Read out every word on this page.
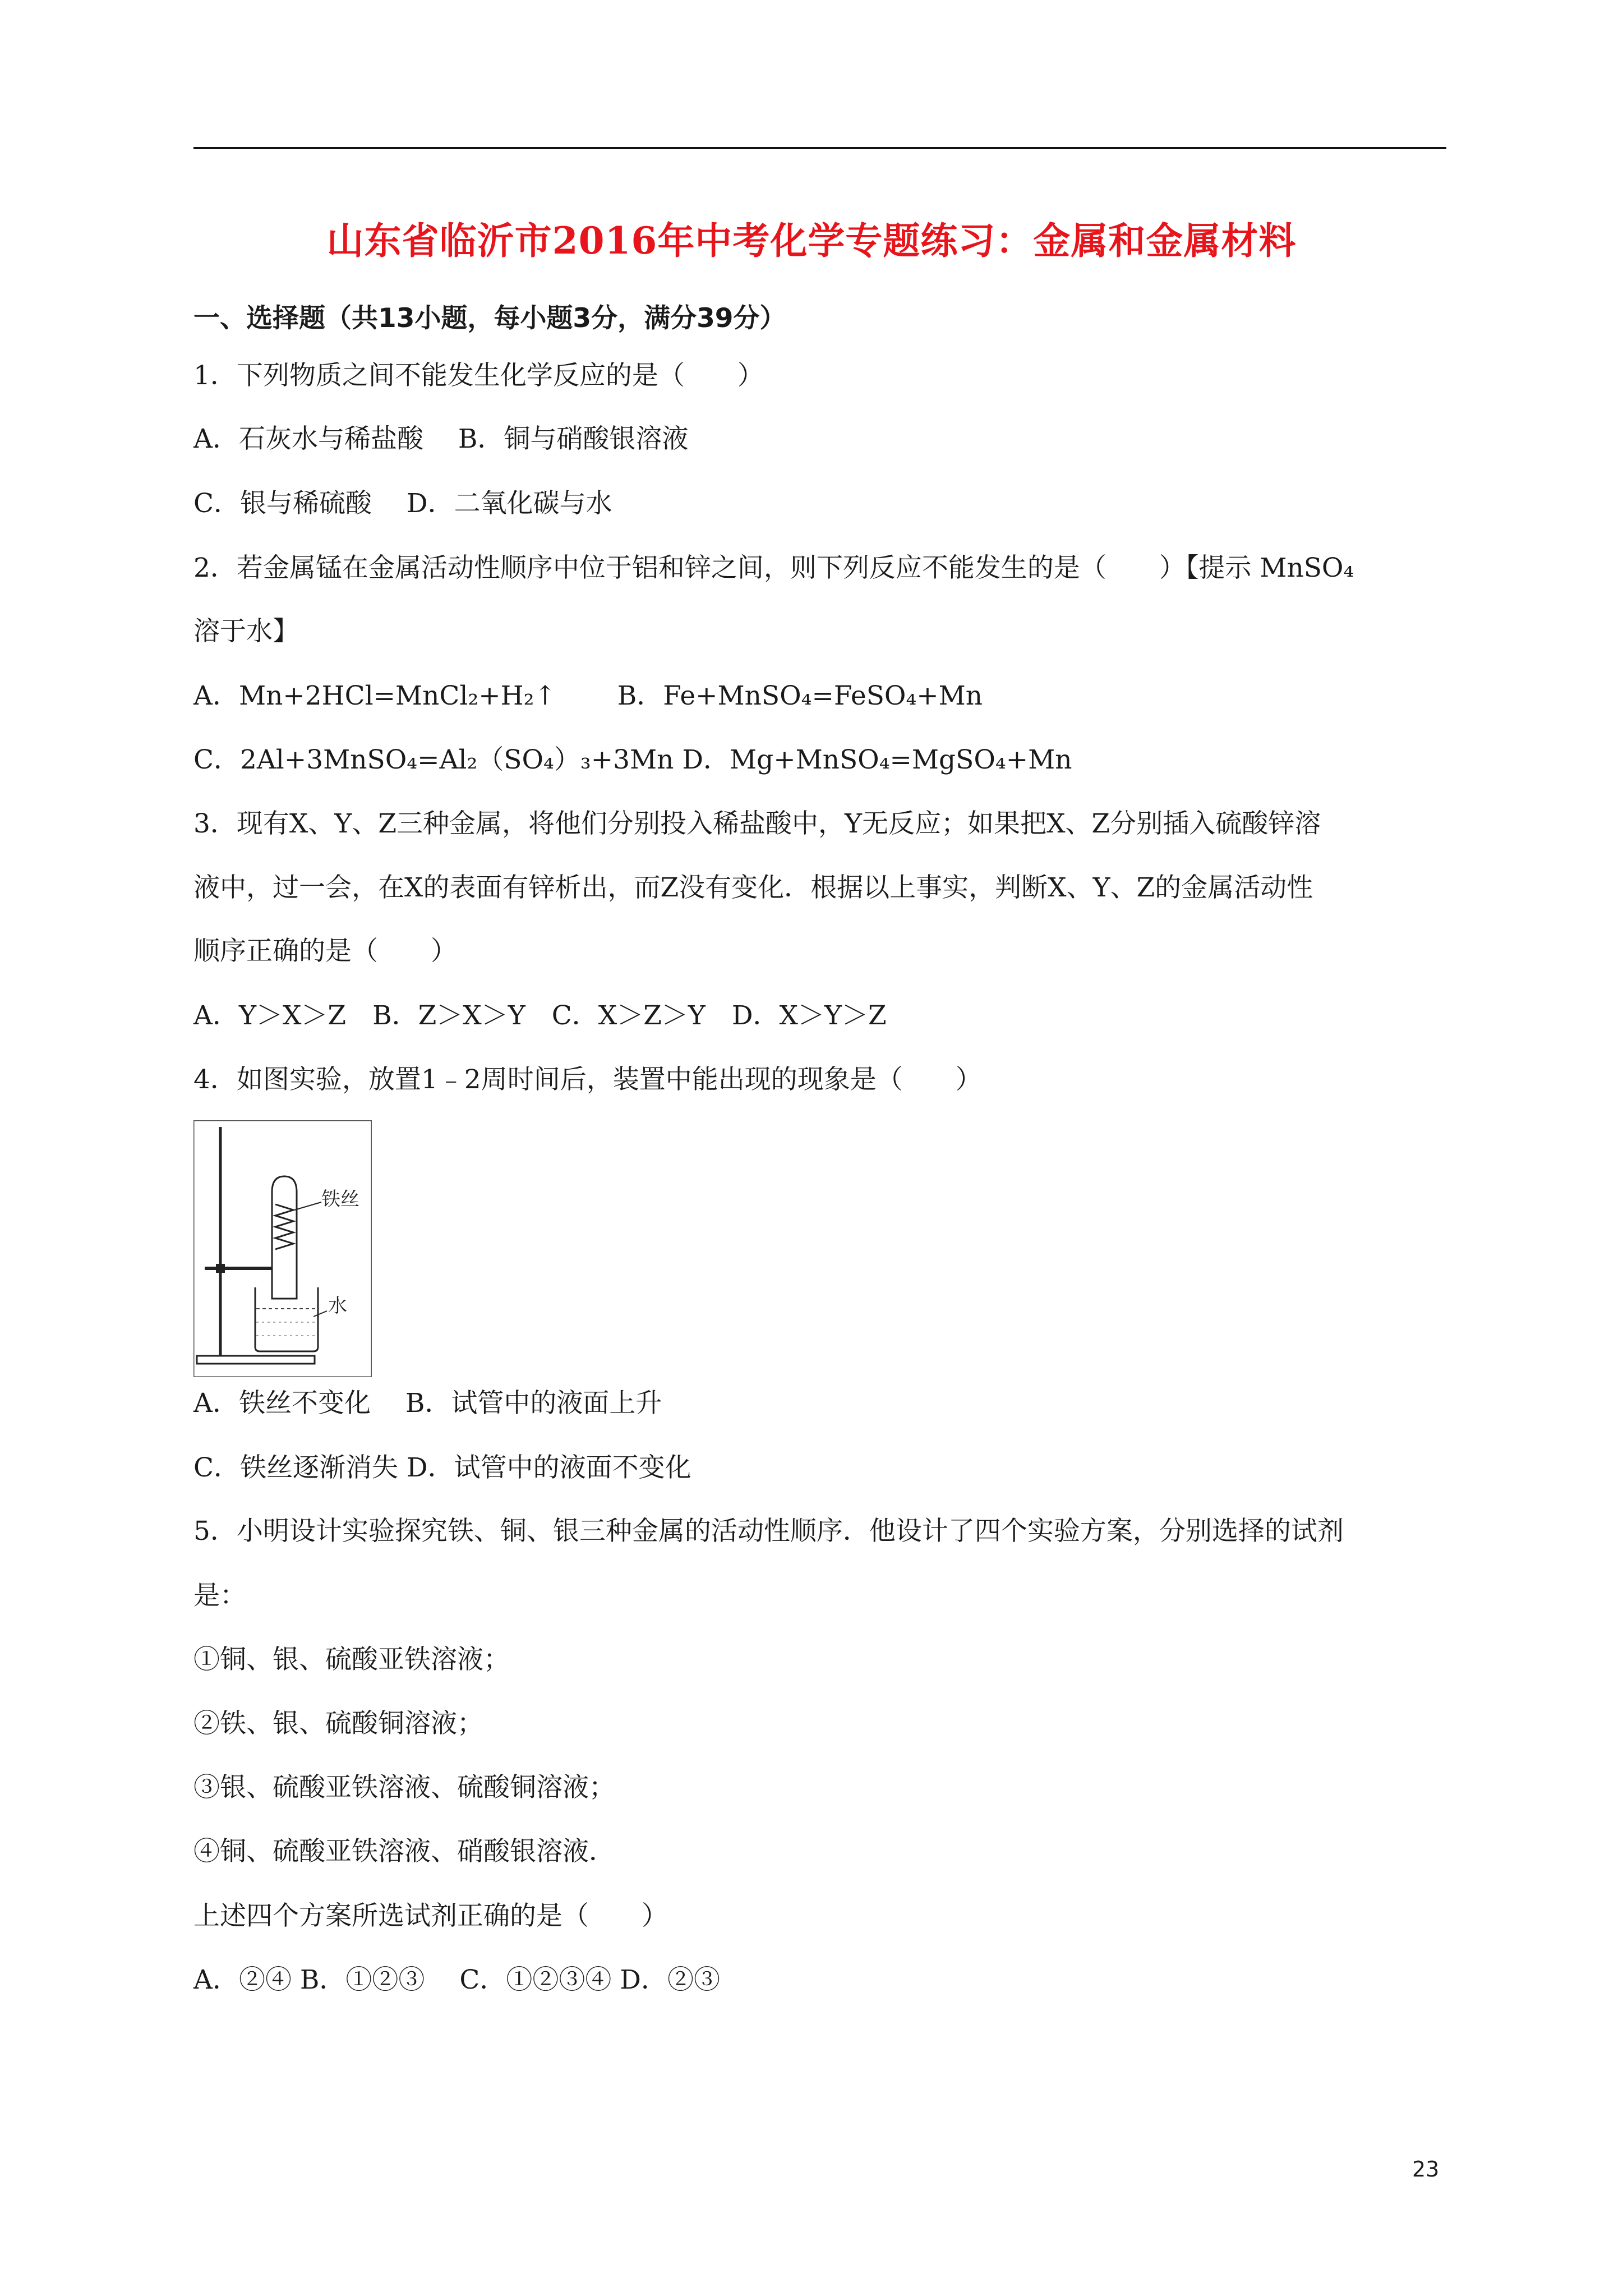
山东省临沂市2016年中考化学专题练习：金属和金属材料
一、选择题（共13小题，每小题3分，满分39分）
1．下列物质之间不能发生化学反应的是（　　）
A．石灰水与稀盐酸　 B．铜与硝酸银溶液
C．银与稀硫酸　 D．二氧化碳与水
2．若金属锰在金属活动性顺序中位于铝和锌之间，则下列反应不能发生的是（　　）【提示 MnSO₄
溶于水】
A．Mn+2HCl=MnCl₂+H₂↑　　 B．Fe+MnSO₄=FeSO₄+Mn
C．2Al+3MnSO₄=Al₂（SO₄）₃+3Mn D．Mg+MnSO₄=MgSO₄+Mn
3．现有X、Y、Z三种金属，将他们分别投入稀盐酸中，Y无反应；如果把X、Z分别插入硫酸锌溶
液中，过一会，在X的表面有锌析出，而Z没有变化．根据以上事实，判断X、Y、Z的金属活动性
顺序正确的是（　　）
A．Y＞X＞Z　B．Z＞X＞Y　C．X＞Z＞Y　D．X＞Y＞Z
4．如图实验，放置1﹣2周时间后，装置中能出现的现象是（　　）
铁丝
水
A．铁丝不变化　 B．试管中的液面上升
C．铁丝逐渐消失 D．试管中的液面不变化
5．小明设计实验探究铁、铜、银三种金属的活动性顺序．他设计了四个实验方案，分别选择的试剂
是：
①铜、银、硫酸亚铁溶液；
②铁、银、硫酸铜溶液；
③银、硫酸亚铁溶液、硫酸铜溶液；
④铜、硫酸亚铁溶液、硝酸银溶液．
上述四个方案所选试剂正确的是（　　）
A．②④ B．①②③　 C．①②③④ D．②③
23
